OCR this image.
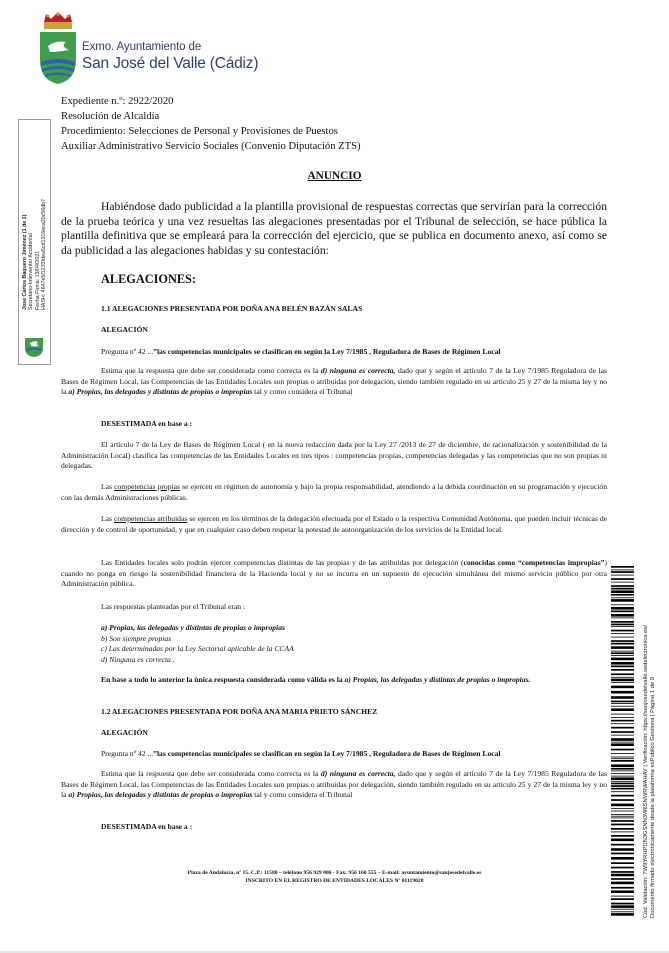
Exmo. Ayuntamiento de
San José del Valle (Cádiz)
Jose Carlos Baquero Jiménez (1 de 1) Secretario-Interventor Accidental Fecha Firma: 13/04/2021 HASH: 4647e5f1233fdea5cd1316eca20c56db7
Cód. Validación: 7W9YRHPDN3GSNN3W6SNWRWAHAY | Verificación: https://sanjosedelvalle.sedelectronica.es/ Documento firmado electrónicamente desde la plataforma esPublico Gestiona | Página 1 de 9
Expediente n.º: 2922/2020
Resolución de Alcaldía
Procedimiento: Selecciones de Personal y Provisiones de Puestos
Auxiliar Administrativo Servicio Sociales (Convenio Diputación ZTS)
ANUNCIO
Habiéndose dado publicidad a la plantilla provisional de respuestas correctas que servirían para la corrección de la prueba teórica y una vez resueltas las alegaciones presentadas por el Tribunal de selección, se hace pública la plantilla definitiva que se empleará para la corrección del ejercicio, que se publica en documento anexo, así como se da publicidad a las alegaciones habidas y su contestación:
ALEGACIONES:
1.1 ALEGACIONES PRESENTADA POR DOÑA ANA BELÉN BAZÁN SALAS
ALEGACIÓN
Pregunta nº 42 ...”las competencias municipales se clasifican en según la Ley 7/1985 , Reguladora de Bases de Régimen Local
Estima que la respuesta que debe ser considerada como correcta es la d) ninguna es correcta, dado que y según el artículo 7 de la Ley 7/1985 Reguladora de las Bases de Régimen Local, las Competencias de las Entidades Locales son propias o atribuidas por delegación, siendo también regulado en su artículo 25 y 27 de la misma ley y no la a) Propias, las delegadas y distintas de propias o impropias tal y como considera el Tribunal
DESESTIMADA en base a :
El artículo 7 de la Ley de Bases de Régimen Local ( en la nueva redacción dada por la Ley 27 /2013 de 27 de diciembre, de racionalización y sostenibilidad de la Administración Local) clasifica las competencias de las Entidades Locales en tres tipos : competencias propias, competencias delegadas y las competencias que no son propias ni delegadas.
Las competencias propias se ejercen en régimen de autonomía y bajo la propia responsabilidad, atendiendo a la debida coordinación en su programación y ejecución con las demás Administraciones públicas.
Las competencias atribuidas se ejercen en los términos de la delegación efectuada por el Estado o la respectiva Comunidad Autónoma, que pueden incluir técnicas de dirección y de control de oportunidad, y que en cualquier caso deben respetar la potestad de autoorganización de los servicios de la Entidad local.
Las Entidades locales solo podrán ejercer competencias distintas de las propias y de las atribuidas por delegación (conocidas como “competencias impropias”) cuando no ponga en riesgo la sostenibilidad financiera de la Hacienda local y no se incurra en un supuesto de ejecución simultánea del mismo servicio público por otra Administración pública.
Las respuestas planteadas por el Tribunal eran :
a) Propias, las delegadas y distintas de propias o impropias
b) Son siempre propias
c) Las determinadas por la Ley Sectorial aplicable de la CCAA
d) Ninguna es correcta .
En base a todo lo anterior la única respuesta considerada como válida es la a) Propias, las delegadas y distintas de propias o impropias.
1.2 ALEGACIONES PRESENTADA POR DOÑA ANA MARIA PRIETO SÁNCHEZ
ALEGACIÓN
Pregunta nº 42 ...”las competencias municipales se clasifican en según la Ley 7/1985 , Reguladora de Bases de Régimen Local
Estima que la respuesta que debe ser considerada como correcta es la d) ninguna es correcta, dado que y según el artículo 7 de la Ley 7/1985 Reguladora de las Bases de Régimen Local, las Competencias de las Entidades Locales son propias o atribuidas por delegación, siendo también regulado en su artículo 25 y 27 de la misma ley y no la a) Propias, las delegadas y distintas de propias o impropias tal y como considera el Tribunal
DESESTIMADA en base a :
Plaza de Andalucía, nº 15. C.P.: 11580 – teléfono 956 929 006 - Fax: 956 160 555 – E-mail: ayuntamiento@sanjosedelvalle.es
INSCRITO EN EL REGISTRO DE ENTIDADES LOCALES Nº 01119028
